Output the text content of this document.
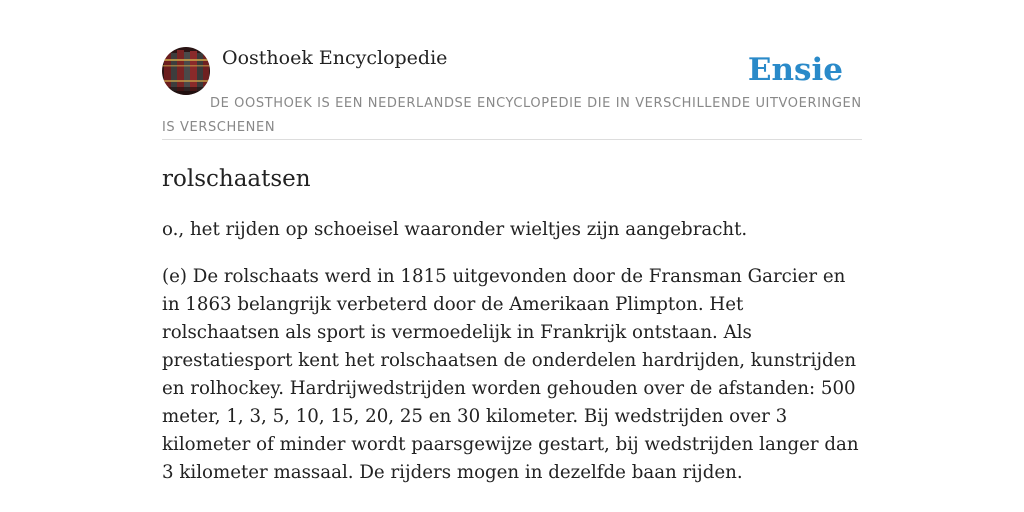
Oosthoek Encyclopedie	Ensie
DE OOSTHOEK IS EEN NEDERLANDSE ENCYCLOPEDIE DIE IN VERSCHILLENDE UITVOERINGEN IS VERSCHENEN
rolschaatsen

o., het rijden op schoeisel waaronder wieltjes zijn aangebracht.

(e) De rolschaats werd in 1815 uitgevonden door de Fransman Garcier en in 1863 belangrijk verbeterd door de Amerikaan Plimpton. Het rolschaatsen als sport is vermoedelijk in Frankrijk ontstaan. Als prestatiesport kent het rolschaatsen de onderdelen hardrijden, kunstrijden en rolhockey. Hardrijwedstrijden worden gehouden over de afstanden: 500 meter, 1, 3, 5, 10, 15, 20, 25 en 30 kilometer. Bij wedstrijden over 3 kilometer of minder wordt paarsgewijze gestart, bij wedstrijden langer dan 3 kilometer massaal. De rijders mogen in dezelfde baan rijden.
